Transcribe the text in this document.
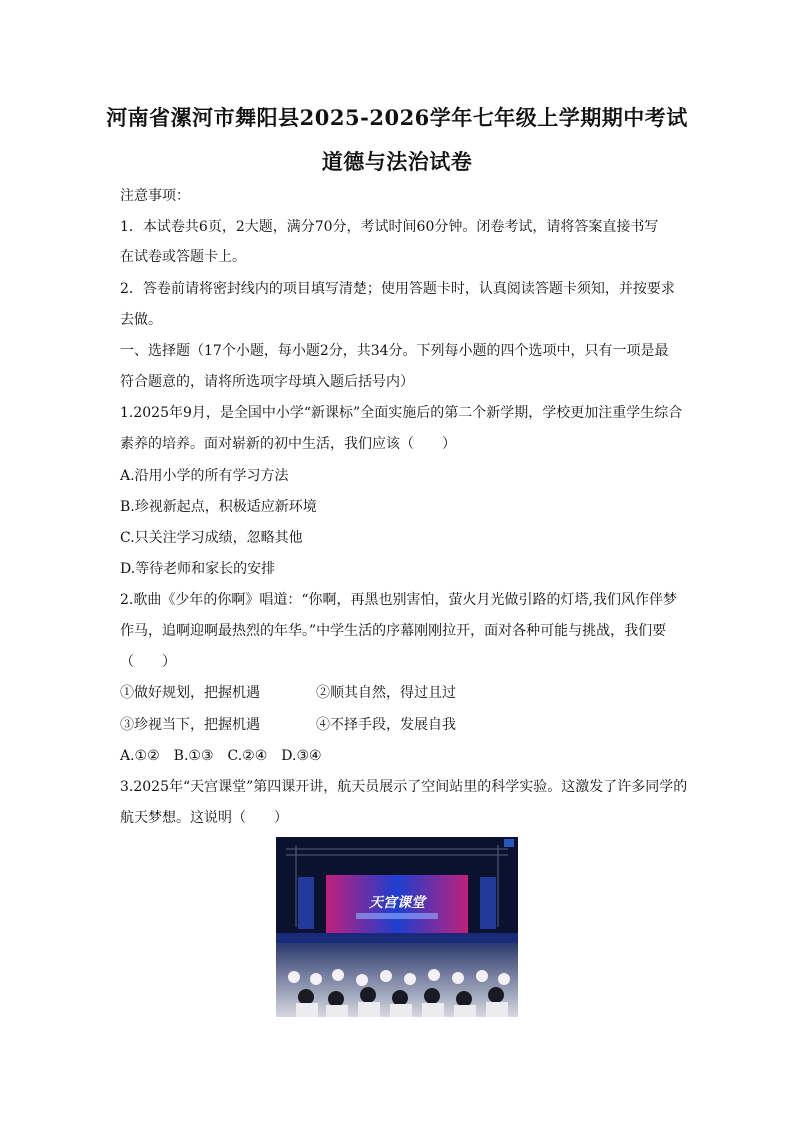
河南省漯河市舞阳县2025-2026学年七年级上学期期中考试
道德与法治试卷
注意事项：
1．本试卷共6页，2大题，满分70分，考试时间60分钟。闭卷考试，请将答案直接书写
在试卷或答题卡上。
2．答卷前请将密封线内的项目填写清楚；使用答题卡时，认真阅读答题卡须知，并按要求
去做。
一、选择题（17个小题，每小题2分，共34分。下列每小题的四个选项中，只有一项是最
符合题意的，请将所选项字母填入题后括号内）
1.2025年9月，是全国中小学“新课标”全面实施后的第二个新学期，学校更加注重学生综合
素养的培养。面对崭新的初中生活，我们应该（　　）
A.沿用小学的所有学习方法
B.珍视新起点，积极适应新环境
C.只关注学习成绩，忽略其他
D.等待老师和家长的安排
2.歌曲《少年的你啊》唱道：“你啊，再黑也别害怕，萤火月光做引路的灯塔,我们风作伴梦
作马，追啊迎啊最热烈的年华。”中学生活的序幕刚刚拉开，面对各种可能与挑战，我们要
（　　）
①做好规划，把握机遇	②顺其自然，得过且过
③珍视当下，把握机遇	④不择手段，发展自我
A.①②　B.①③　C.②④　D.③④
3.2025年“天宫课堂”第四课开讲，航天员展示了空间站里的科学实验。这激发了许多同学的
航天梦想。这说明（　　）
天宫课堂
